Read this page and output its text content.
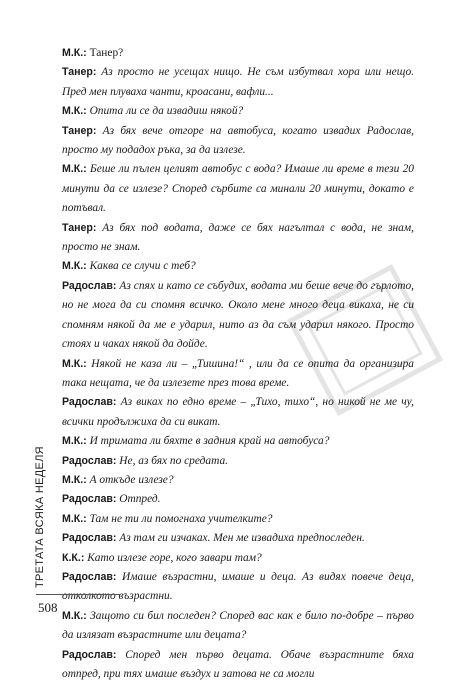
М.К.: Танер?

Танер: Аз просто не усещах нищо. Не съм избутвал хора или нещо. Пред мен плуваха чанти, кроасани, вафли...

М.К.: Опита ли се да извадиш някой?

Танер: Аз бях вече отгоре на автобуса, когато извадих Радослав, просто му подадох ръка, за да излезе.

М.К.: Беше ли пълен целият автобус с вода? Имаше ли време в тези 20 минути да се излезе? Според сърбите са минали 20 минути, докато е потъвал.

Танер: Аз бях под водата, даже се бях нагълтал с вода, не знам, просто не знам.

М.К.: Каква се случи с теб?

Радослав: Аз спях и като се събудих, водата ми беше вече до гърлото, но не мога да си спомня всичко. Около мене много деца викаха, не си спомням някой да ме е ударил, нито аз да съм ударил някого. Просто стоях и чаках някой да дойде.

М.К.: Някой не каза ли – „Тишина!“ , или да се опита да организира така нещата, че да излезете през това време.

Радослав: Аз виках по едно време – „Тихо, тихо“, но никой не ме чу, всички продължиха да си викат.

М.К.: И тримата ли бяхте в задния край на автобуса?

Радослав: Не, аз бях по средата.

М.К.: А откъде излезе?

Радослав: Отпред.

М.К.: Там не ти ли помогнаха учителките?

Радослав: Аз там ги изчаках. Мен ме извадиха предпоследен.

К.К.: Като излезе горе, кого завари там?

Радослав: Имаше възрастни, имаше и деца. Аз видях повече деца, отколкото възрастни.

М.К.: Защото си бил последен? Според вас как е било по-добре – първо да излязат възрастните или децата?

Радослав: Според мен първо децата. Обаче възрастните бяха отпред, при тях имаше въздух и затова не са могли

ТРЕТАТА ВСЯКА НЕДЕЛЯ
508
